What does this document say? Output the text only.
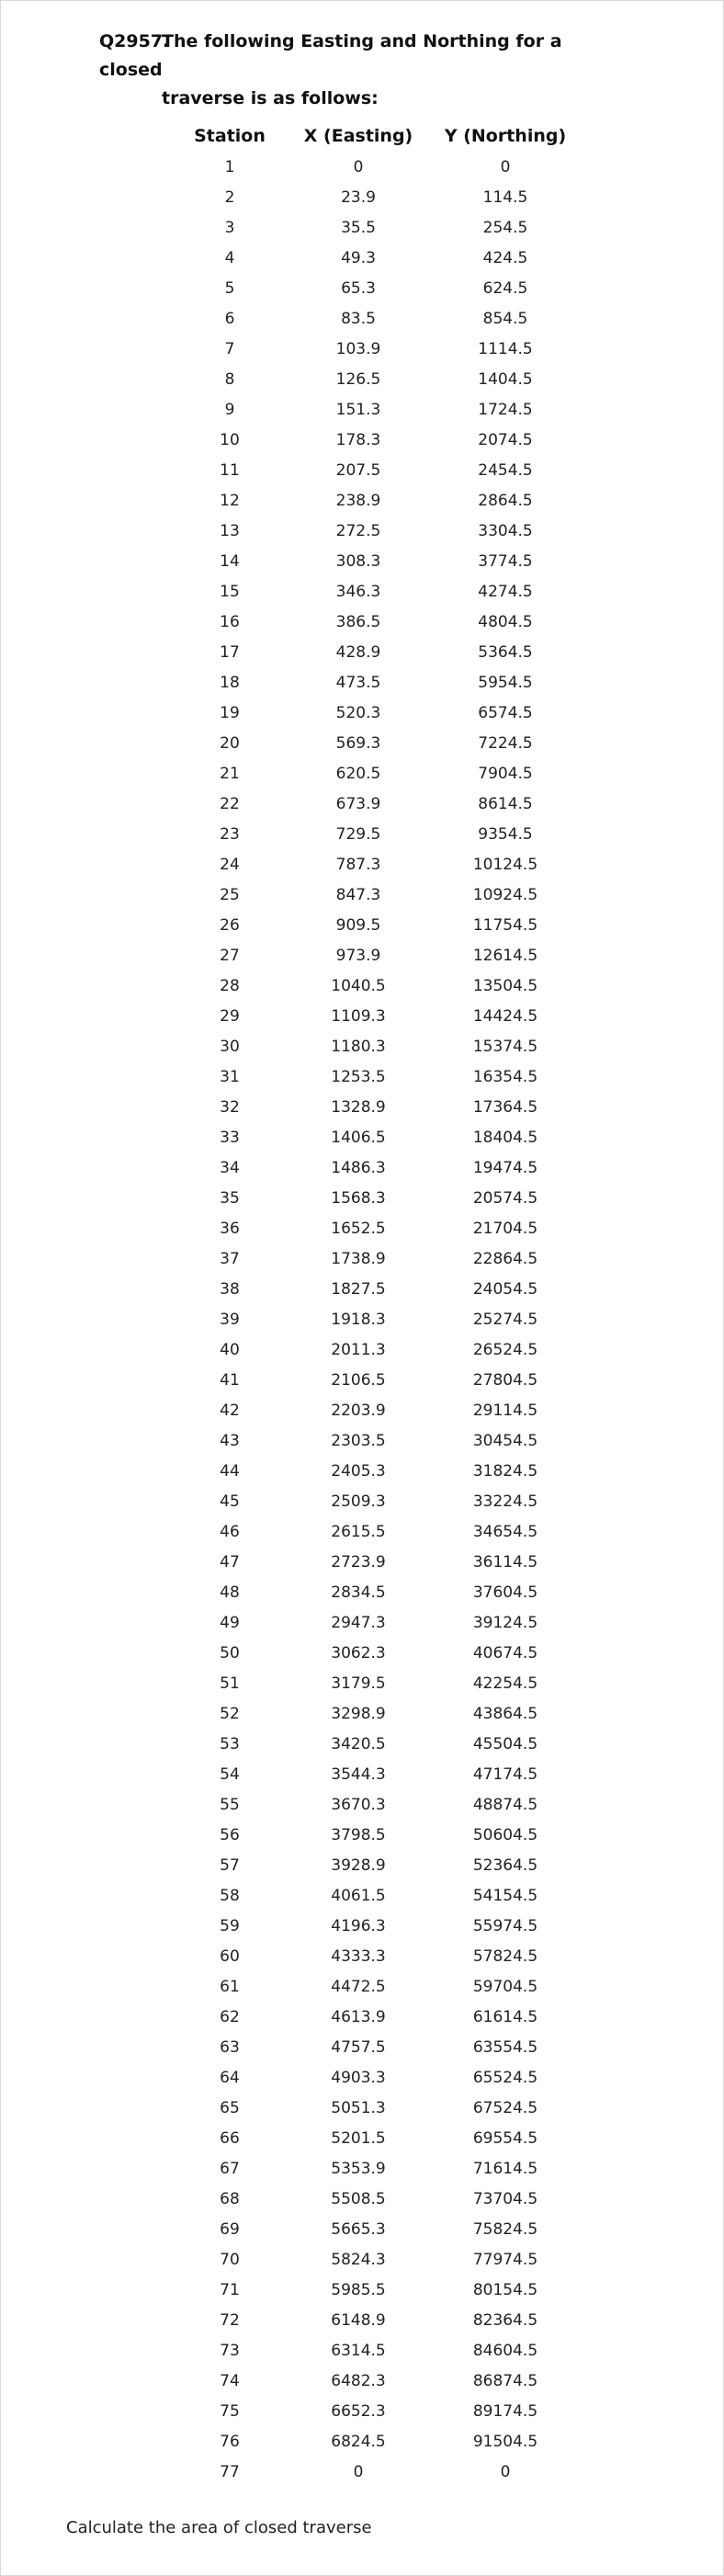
Q2957.The following Easting and Northing for a closed
traverse is as follows:
Station	X (Easting)	Y (Northing)
1	0	0
2	23.9	114.5
3	35.5	254.5
4	49.3	424.5
5	65.3	624.5
6	83.5	854.5
7	103.9	1114.5
8	126.5	1404.5
9	151.3	1724.5
10	178.3	2074.5
11	207.5	2454.5
12	238.9	2864.5
13	272.5	3304.5
14	308.3	3774.5
15	346.3	4274.5
16	386.5	4804.5
17	428.9	5364.5
18	473.5	5954.5
19	520.3	6574.5
20	569.3	7224.5
21	620.5	7904.5
22	673.9	8614.5
23	729.5	9354.5
24	787.3	10124.5
25	847.3	10924.5
26	909.5	11754.5
27	973.9	12614.5
28	1040.5	13504.5
29	1109.3	14424.5
30	1180.3	15374.5
31	1253.5	16354.5
32	1328.9	17364.5
33	1406.5	18404.5
34	1486.3	19474.5
35	1568.3	20574.5
36	1652.5	21704.5
37	1738.9	22864.5
38	1827.5	24054.5
39	1918.3	25274.5
40	2011.3	26524.5
41	2106.5	27804.5
42	2203.9	29114.5
43	2303.5	30454.5
44	2405.3	31824.5
45	2509.3	33224.5
46	2615.5	34654.5
47	2723.9	36114.5
48	2834.5	37604.5
49	2947.3	39124.5
50	3062.3	40674.5
51	3179.5	42254.5
52	3298.9	43864.5
53	3420.5	45504.5
54	3544.3	47174.5
55	3670.3	48874.5
56	3798.5	50604.5
57	3928.9	52364.5
58	4061.5	54154.5
59	4196.3	55974.5
60	4333.3	57824.5
61	4472.5	59704.5
62	4613.9	61614.5
63	4757.5	63554.5
64	4903.3	65524.5
65	5051.3	67524.5
66	5201.5	69554.5
67	5353.9	71614.5
68	5508.5	73704.5
69	5665.3	75824.5
70	5824.3	77974.5
71	5985.5	80154.5
72	6148.9	82364.5
73	6314.5	84604.5
74	6482.3	86874.5
75	6652.3	89174.5
76	6824.5	91504.5
77	0	0
Calculate the area of closed traverse
